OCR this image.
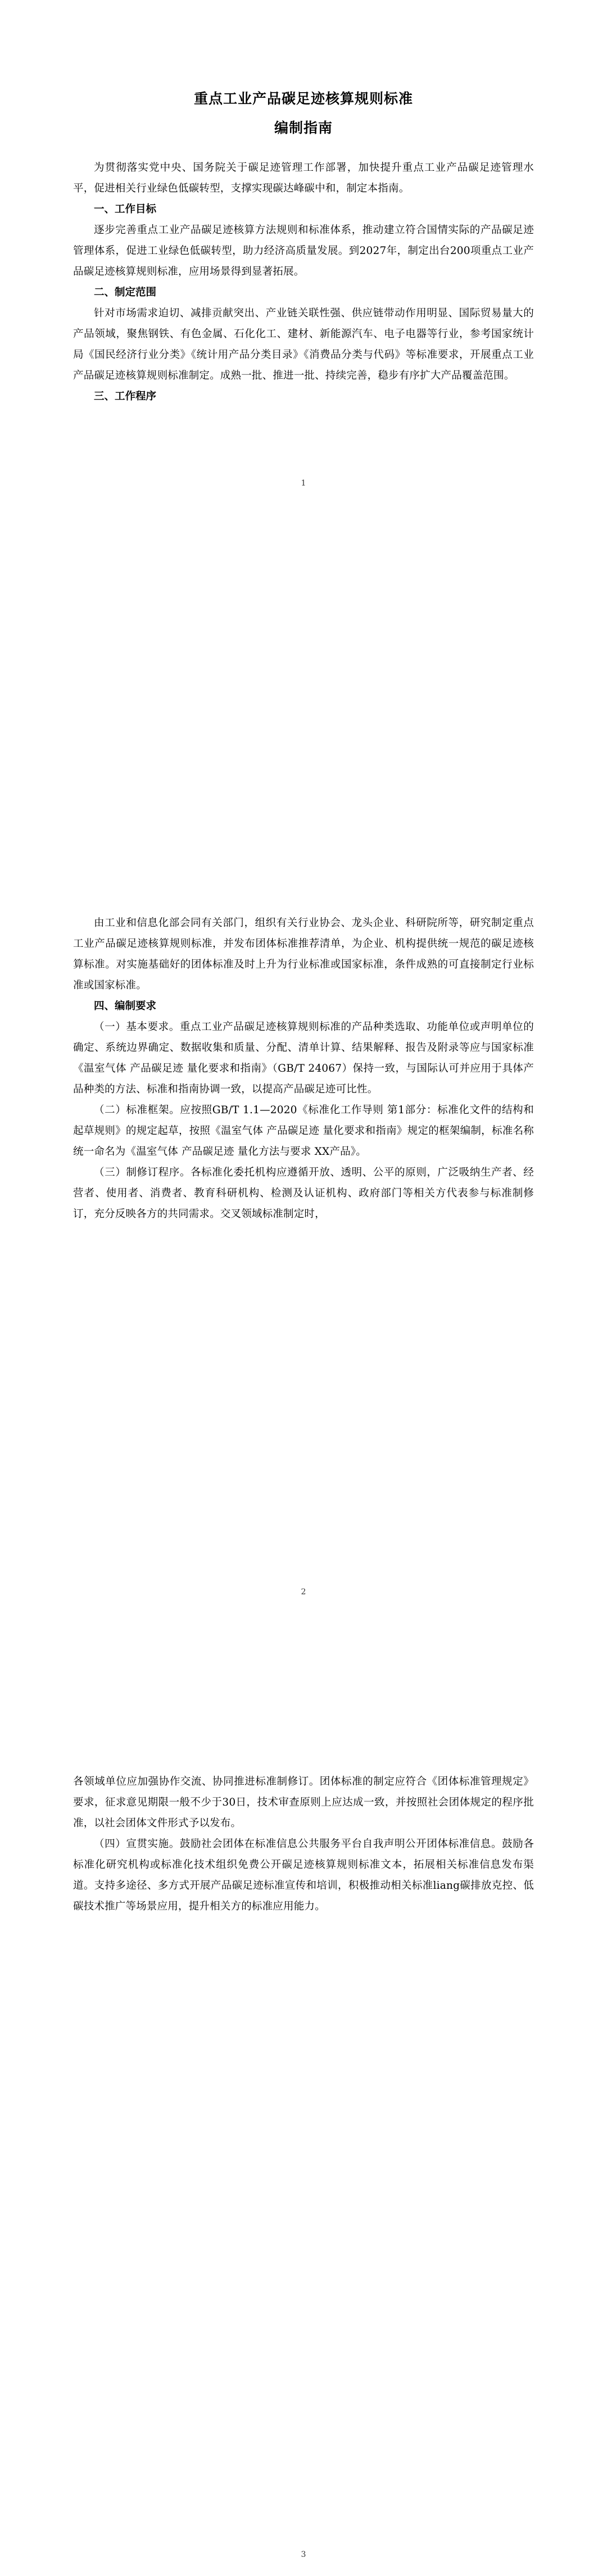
重点工业产品碳足迹核算规则标准
编制指南

为贯彻落实党中央、国务院关于碳足迹管理工作部署，加快提升重点工业产品碳足迹管理水平，促进相关行业绿色低碳转型，支撑实现碳达峰碳中和，制定本指南。

一、工作目标

逐步完善重点工业产品碳足迹核算方法规则和标准体系，推动建立符合国情实际的产品碳足迹管理体系，促进工业绿色低碳转型，助力经济高质量发展。到2027年，制定出台200项重点工业产品碳足迹核算规则标准，应用场景得到显著拓展。

二、制定范围

针对市场需求迫切、减排贡献突出、产业链关联性强、供应链带动作用明显、国际贸易量大的产品领域，聚焦钢铁、有色金属、石化化工、建材、新能源汽车、电子电器等行业，参考国家统计局《国民经济行业分类》《统计用产品分类目录》《消费品分类与代码》等标准要求，开展重点工业产品碳足迹核算规则标准制定。成熟一批、推进一批、持续完善，稳步有序扩大产品覆盖范围。

三、工作程序

1

由工业和信息化部会同有关部门，组织有关行业协会、龙头企业、科研院所等，研究制定重点工业产品碳足迹核算规则标准，并发布团体标准推荐清单，为企业、机构提供统一规范的碳足迹核算标准。对实施基础好的团体标准及时上升为行业标准或国家标准，条件成熟的可直接制定行业标准或国家标准。

四、编制要求

（一）基本要求。重点工业产品碳足迹核算规则标准的产品种类选取、功能单位或声明单位的确定、系统边界确定、数据收集和质量、分配、清单计算、结果解释、报告及附录等应与国家标准《温室气体 产品碳足迹 量化要求和指南》（GB/T 24067）保持一致，与国际认可并应用于具体产品种类的方法、标准和指南协调一致，以提高产品碳足迹可比性。

（二）标准框架。应按照GB/T 1.1—2020《标准化工作导则 第1部分：标准化文件的结构和起草规则》的规定起草，按照《温室气体 产品碳足迹 量化要求和指南》规定的框架编制，标准名称统一命名为《温室气体 产品碳足迹 量化方法与要求 XX产品》。

（三）制修订程序。各标准化委托机构应遵循开放、透明、公平的原则，广泛吸纳生产者、经营者、使用者、消费者、教育科研机构、检测及认证机构、政府部门等相关方代表参与标准制修订，充分反映各方的共同需求。交叉领域标准制定时，

2

各领域单位应加强协作交流、协同推进标准制修订。团体标准的制定应符合《团体标准管理规定》要求，征求意见期限一般不少于30日，技术审查原则上应达成一致，并按照社会团体规定的程序批准，以社会团体文件形式予以发布。

（四）宣贯实施。鼓励社会团体在标准信息公共服务平台自我声明公开团体标准信息。鼓励各标准化研究机构或标准化技术组织免费公开碳足迹核算规则标准文本，拓展相关标准信息发布渠道。支持多途径、多方式开展产品碳足迹标准宣传和培训，积极推动相关标准liang碳排放克控、低碳技术推广等场景应用，提升相关方的标准应用能力。

3
